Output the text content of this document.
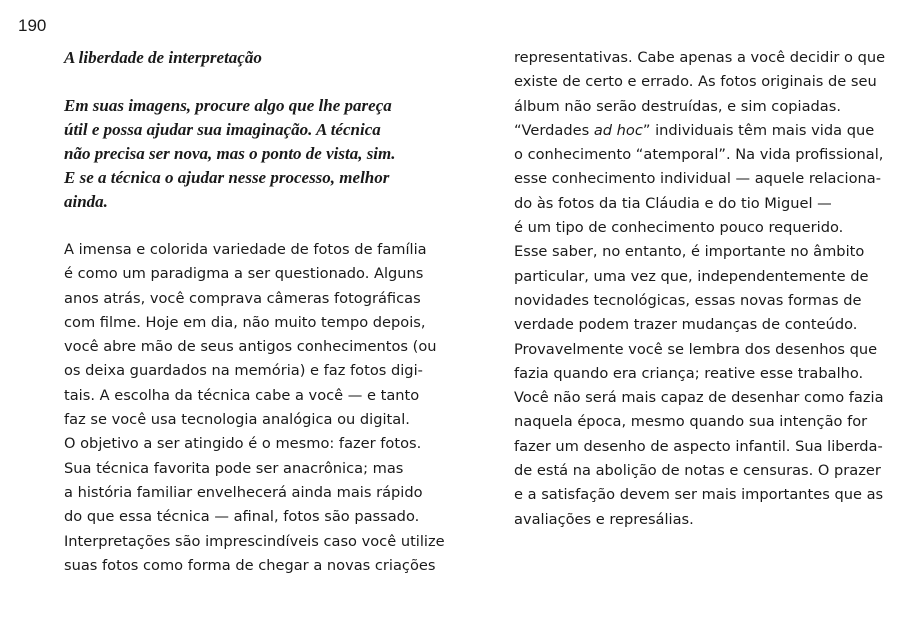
190
A liberdade de interpretação

Em suas imagens, procure algo que lhe pareça
útil e possa ajudar sua imaginação. A técnica
não precisa ser nova, mas o ponto de vista, sim.
E se a técnica o ajudar nesse processo, melhor
ainda.

A imensa e colorida variedade de fotos de família
é como um paradigma a ser questionado. Alguns
anos atrás, você comprava câmeras fotográficas
com filme. Hoje em dia, não muito tempo depois,
você abre mão de seus antigos conhecimentos (ou
os deixa guardados na memória) e faz fotos digi-
tais. A escolha da técnica cabe a você — e tanto
faz se você usa tecnologia analógica ou digital.
O objetivo a ser atingido é o mesmo: fazer fotos.
Sua técnica favorita pode ser anacrônica; mas
a história familiar envelhecerá ainda mais rápido
do que essa técnica — afinal, fotos são passado.
Interpretações são imprescindíveis caso você utilize
suas fotos como forma de chegar a novas criações

representativas. Cabe apenas a você decidir o que
existe de certo e errado. As fotos originais de seu
álbum não serão destruídas, e sim copiadas.
“Verdades ad hoc” individuais têm mais vida que
o conhecimento “atemporal”. Na vida profissional,
esse conhecimento individual — aquele relaciona-
do às fotos da tia Cláudia e do tio Miguel —
é um tipo de conhecimento pouco requerido.
Esse saber, no entanto, é importante no âmbito
particular, uma vez que, independentemente de
novidades tecnológicas, essas novas formas de
verdade podem trazer mudanças de conteúdo.
Provavelmente você se lembra dos desenhos que
fazia quando era criança; reative esse trabalho.
Você não será mais capaz de desenhar como fazia
naquela época, mesmo quando sua intenção for
fazer um desenho de aspecto infantil. Sua liberda-
de está na abolição de notas e censuras. O prazer
e a satisfação devem ser mais importantes que as
avaliações e represálias.
